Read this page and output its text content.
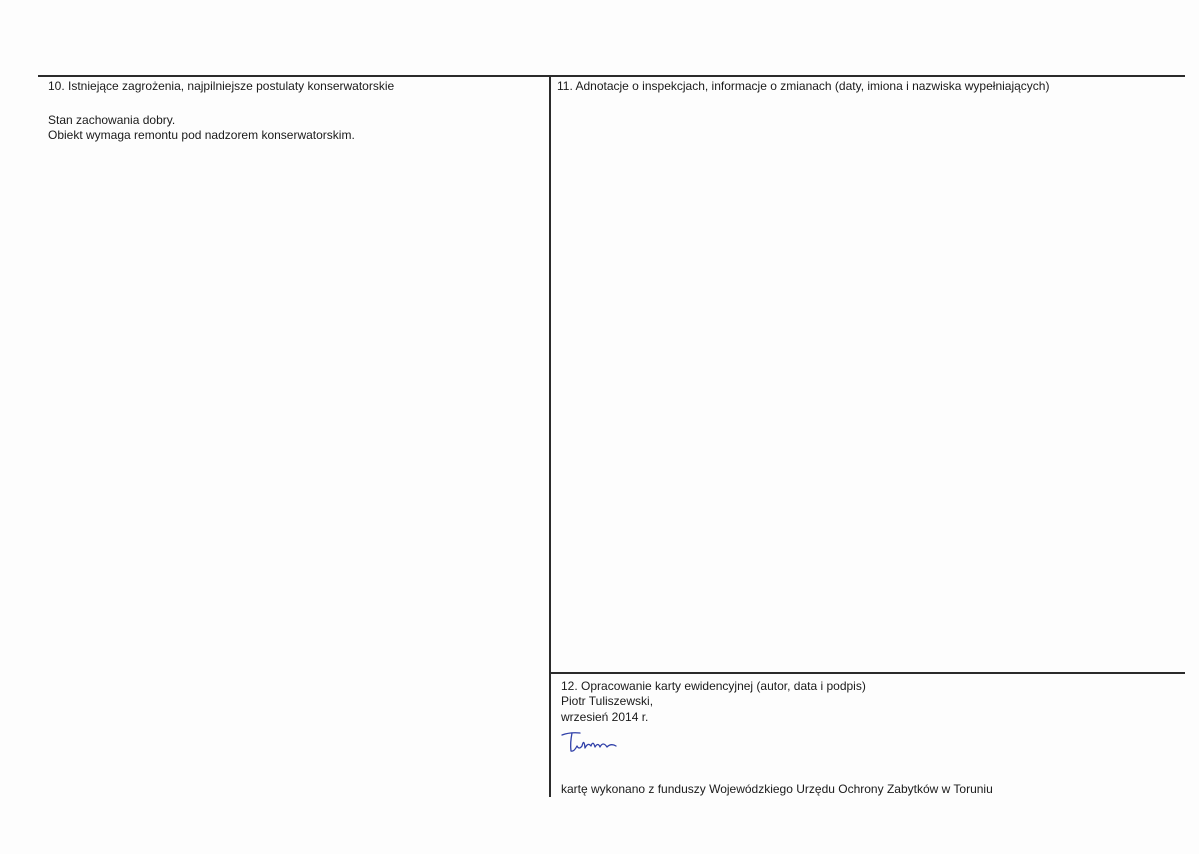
10. Istniejące zagrożenia, najpilniejsze postulaty konserwatorskie
Stan zachowania dobry.
Obiekt wymaga remontu pod nadzorem konserwatorskim.
11. Adnotacje o inspekcjach, informacje o zmianach (daty, imiona i nazwiska wypełniających)
12. Opracowanie karty ewidencyjnej (autor, data i podpis)
Piotr Tuliszewski,
wrzesień 2014 r.
kartę wykonano z funduszy Wojewódzkiego Urzędu Ochrony Zabytków w Toruniu
